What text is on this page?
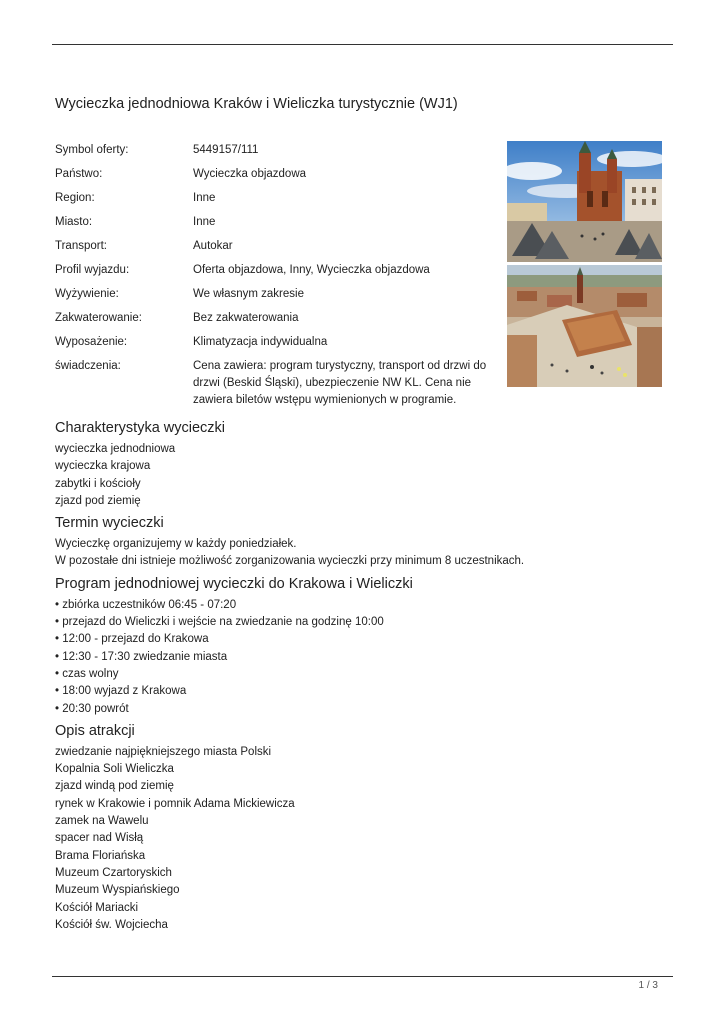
Wycieczka jednodniowa Kraków i Wieliczka turystycznie (WJ1)
Symbol oferty:	5449157/111
Państwo:	Wycieczka objazdowa
Region:	Inne
Miasto:	Inne
Transport:	Autokar
Profil wyjazdu:	Oferta objazdowa, Inny, Wycieczka objazdowa
Wyżywienie:	We własnym zakresie
Zakwaterowanie:	Bez zakwaterowania
Wyposażenie:	Klimatyzacja indywidualna
świadczenia:	Cena zawiera: program turystyczny, transport od drzwi do drzwi (Beskid Śląski), ubezpieczenie NW KL. Cena nie zawiera biletów wstępu wymienionych w programie.
Charakterystyka wycieczki
wycieczka jednodniowa
wycieczka krajowa
zabytki i kościoły
zjazd pod ziemię
Termin wycieczki
Wycieczkę organizujemy w każdy poniedziałek.
W pozostałe dni istnieje możliwość zorganizowania wycieczki przy minimum 8 uczestnikach.
Program jednodniowej wycieczki do Krakowa i Wieliczki
• zbiórka uczestników 06:45 - 07:20
• przejazd do Wieliczki i wejście na zwiedzanie na godzinę 10:00
• 12:00 - przejazd do Krakowa
• 12:30 - 17:30 zwiedzanie miasta
• czas wolny
• 18:00 wyjazd z Krakowa
• 20:30 powrót
Opis atrakcji
zwiedzanie najpiękniejszego miasta Polski
Kopalnia Soli Wieliczka
zjazd windą pod ziemię
rynek w Krakowie i pomnik Adama Mickiewicza
zamek na Wawelu
spacer nad Wisłą
Brama Floriańska
Muzeum Czartoryskich
Muzeum Wyspiańskiego
Kościół Mariacki
Kościół św. Wojciecha
1 / 3
